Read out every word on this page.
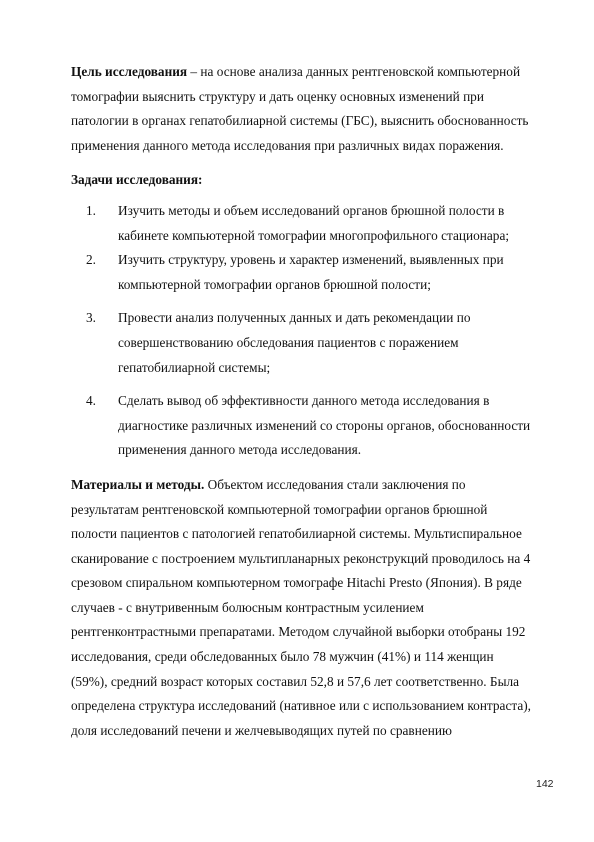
Цель исследования – на основе анализа данных рентгеновской компьютерной томографии выяснить структуру и дать оценку основных изменений при патологии в органах гепатобилиарной системы (ГБС), выяснить обоснованность применения данного метода исследования при различных видах поражения.

Задачи исследования:
1. Изучить методы и объем исследований органов брюшной полости в кабинете компьютерной томографии многопрофильного стационара;
2. Изучить структуру, уровень и характер изменений, выявленных при компьютерной томографии органов брюшной полости;
3. Провести анализ полученных данных и дать рекомендации по совершенствованию обследования пациентов с поражением гепатобилиарной системы;
4. Сделать вывод об эффективности данного метода исследования в диагностике различных изменений со стороны органов, обоснованности применения данного метода исследования.

Материалы и методы. Объектом исследования стали заключения по результатам рентгеновской компьютерной томографии органов брюшной полости пациентов с патологией гепатобилиарной системы. Мультиспиральное сканирование с построением мультипланарных реконструкций проводилось на 4 срезовом спиральном компьютерном томографе Hitachi Presto (Япония). В ряде случаев - с внутривенным болюсным контрастным усилением рентгенконтрастными препаратами. Методом случайной выборки отобраны 192 исследования, среди обследованных было 78 мужчин (41%) и 114 женщин (59%), средний возраст которых составил 52,8 и 57,6 лет соответственно. Была определена структура исследований (нативное или с использованием контраста), доля исследований печени и желчевыводящих путей по сравнению

142
